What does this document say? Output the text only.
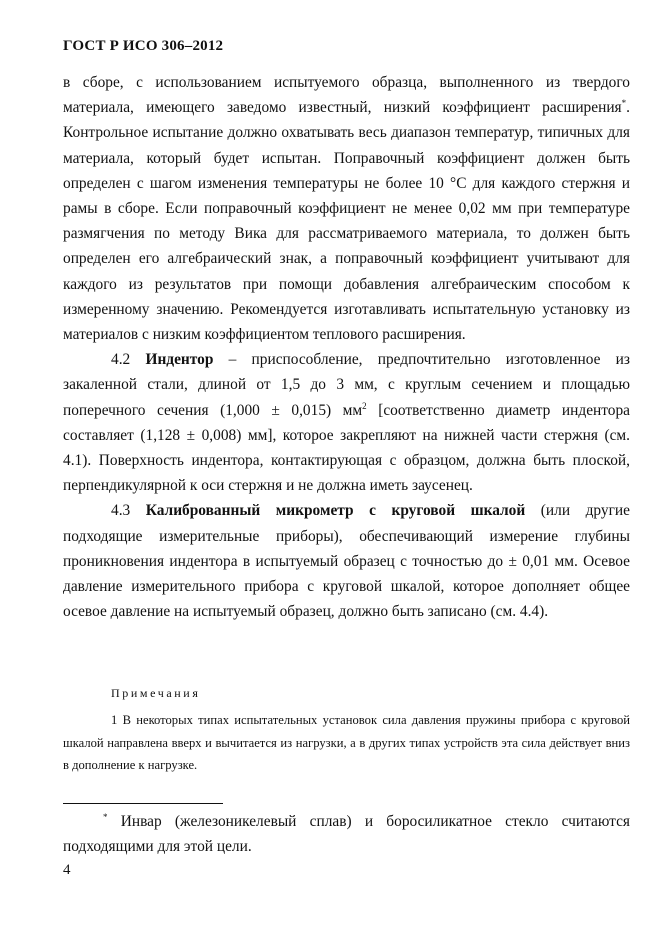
ГОСТ Р ИСО 306–2012

в сборе, с использованием испытуемого образца, выполненного из твердого материала, имеющего заведомо известный, низкий коэффициент расширения*. Контрольное испытание должно охватывать весь диапазон температур, типичных для материала, который будет испытан. Поправочный коэффициент должен быть определен с шагом изменения температуры не более 10 °С для каждого стержня и рамы в сборе. Если поправочный коэффициент не менее 0,02 мм при температуре размягчения по методу Вика для рассматриваемого материала, то должен быть определен его алгебраический знак, а поправочный коэффициент учитывают для каждого из результатов при помощи добавления алгебраическим способом к измеренному значению. Рекомендуется изготавливать испытательную установку из материалов с низким коэффициентом теплового расширения.

4.2 Индентор – приспособление, предпочтительно изготовленное из закаленной стали, длиной от 1,5 до 3 мм, с круглым сечением и площадью поперечного сечения (1,000 ± 0,015) $мм^2$ [соответственно диаметр индентора составляет (1,128 ± 0,008) мм], которое закрепляют на нижней части стержня (см. 4.1). Поверхность индентора, контактирующая с образцом, должна быть плоской, перпендикулярной к оси стержня и не должна иметь заусенец.

4.3 Калиброванный микрометр с круговой шкалой (или другие подходящие измерительные приборы), обеспечивающий измерение глубины проникновения индентора в испытуемый образец с точностью до ± 0,01 мм. Осевое давление измерительного прибора с круговой шкалой, которое дополняет общее осевое давление на испытуемый образец, должно быть записано (см. 4.4).

Примечания
1 В некоторых типах испытательных установок сила давления пружины прибора с круговой шкалой направлена вверх и вычитается из нагрузки, а в других типах устройств эта сила действует вниз в дополнение к нагрузке.
* Инвар (железоникелевый сплав) и боросиликатное стекло считаются подходящими для этой цели.
4
